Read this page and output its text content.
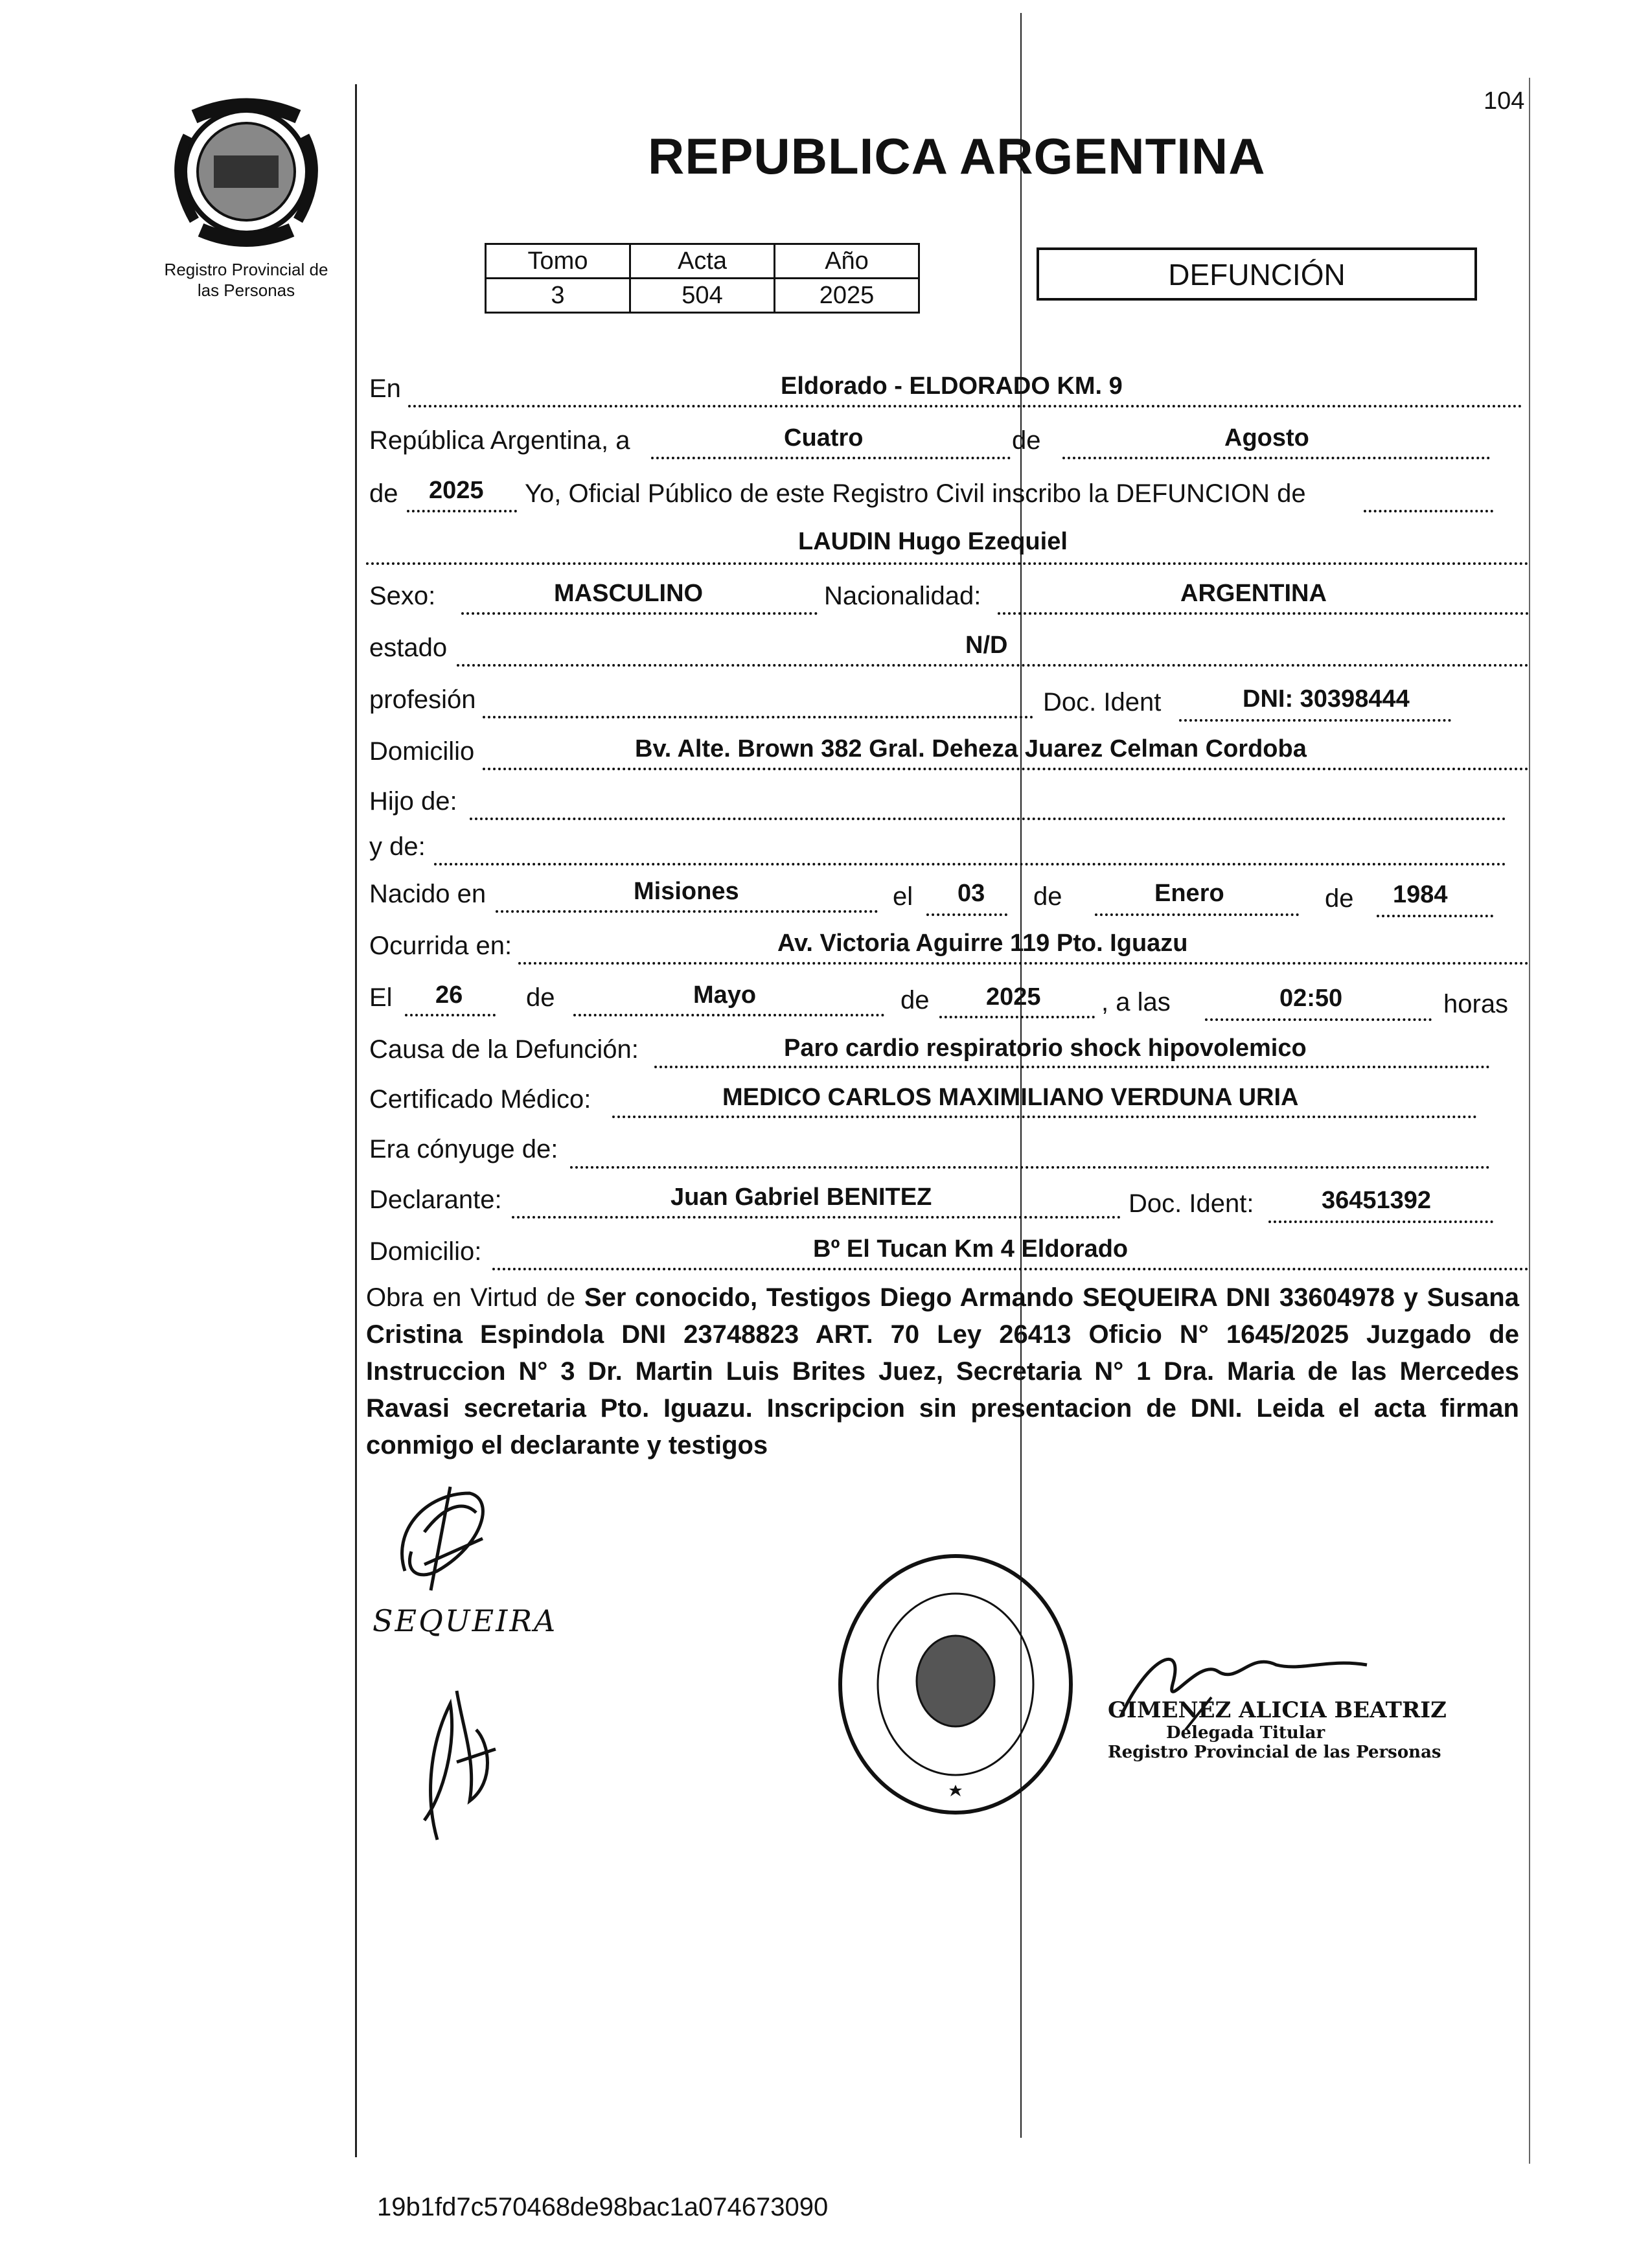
Registro Provincial de
las Personas
104
REPUBLICA ARGENTINA
Tomo	Acta	Año
3	504	2025
DEFUNCIÓN
En	Eldorado - ELDORADO KM. 9
República Argentina, a	Cuatro	de	Agosto
de 2025 Yo, Oficial Público de este Registro Civil inscribo la DEFUNCION de
LAUDIN Hugo Ezequiel
Sexo:	MASCULINO	Nacionalidad:	ARGENTINA
estado	N/D
profesión	Doc. Ident	DNI: 30398444
Domicilio	Bv. Alte. Brown 382 Gral. Deheza Juarez Celman Cordoba
Hijo de:
y de:
Nacido en	Misiones	el 03 de	Enero	de 1984
Ocurrida en:	Av. Victoria Aguirre 119 Pto. Iguazu
El 26 de	Mayo	de 2025 , a las	02:50	horas
Causa de la Defunción:	Paro cardio respiratorio shock hipovolemico
Certificado Médico:	MEDICO CARLOS MAXIMILIANO VERDUNA URIA
Era cónyuge de:
Declarante:	Juan Gabriel BENITEZ	Doc. Ident:	36451392
Domicilio:	Bº El Tucan Km 4 Eldorado
Obra en Virtud de Ser conocido, Testigos Diego Armando SEQUEIRA DNI 33604978 y Susana Cristina Espindola DNI 23748823 ART. 70 Ley 26413 Oficio N° 1645/2025 Juzgado de Instruccion N° 3 Dr. Martin Luis Brites Juez, Secretaria N° 1 Dra. Maria de las Mercedes Ravasi secretaria Pto. Iguazu. Inscripcion sin presentacion de DNI. Leida el acta firman conmigo el declarante y testigos
SEQUEIRA
GIMENEZ ALICIA BEATRIZ
Delegada Titular
Registro Provincial de las Personas
19b1fd7c570468de98bac1a074673090
